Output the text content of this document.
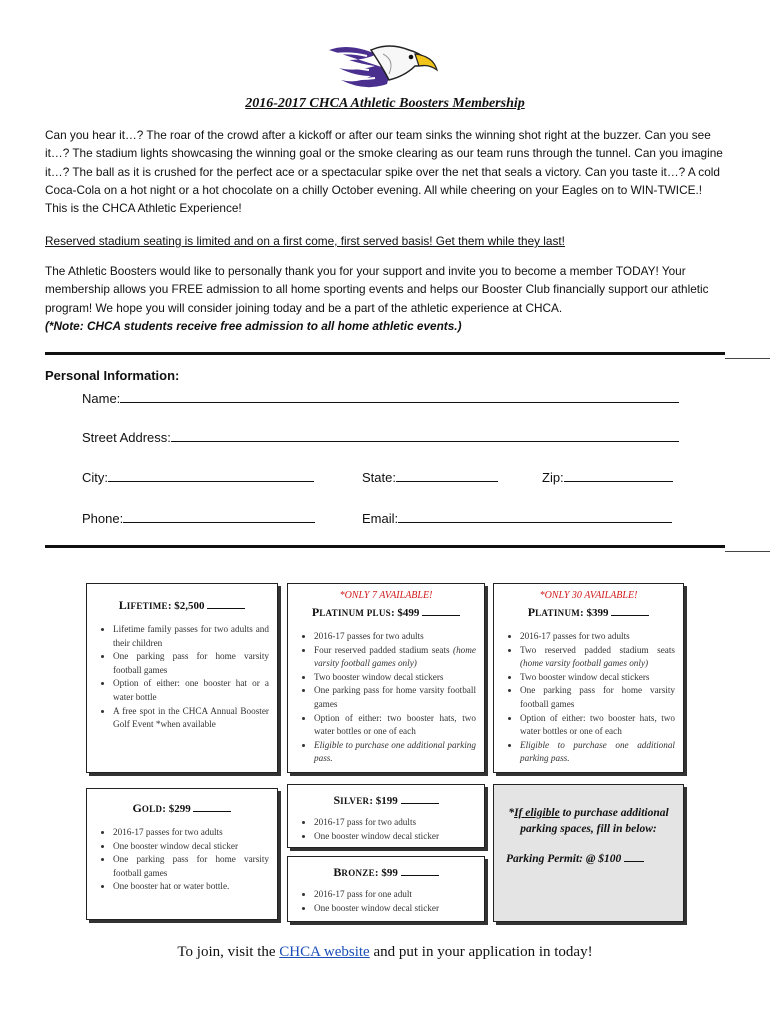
2016-2017 CHCA Athletic Boosters Membership
Can you hear it…? The roar of the crowd after a kickoff or after our team sinks the winning shot right at the buzzer. Can you see it…? The stadium lights showcasing the winning goal or the smoke clearing as our team runs through the tunnel. Can you imagine it…? The ball as it is crushed for the perfect ace or a spectacular spike over the net that seals a victory. Can you taste it…? A cold Coca-Cola on a hot night or a hot chocolate on a chilly October evening. All while cheering on your Eagles on to WIN-TWICE.! This is the CHCA Athletic Experience!
Reserved stadium seating is limited and on a first come, first served basis! Get them while they last!
The Athletic Boosters would like to personally thank you for your support and invite you to become a member TODAY! Your membership allows you FREE admission to all home sporting events and helps our Booster Club financially support our athletic program! We hope you will consider joining today and be a part of the athletic experience at CHCA.
(*Note: CHCA students receive free admission to all home athletic events.)
Personal Information:
Name:
Street Address:
City:	State:	Zip:
Phone:	Email:
LIFETIME: $2,500
• Lifetime family passes for two adults and their children
• One parking pass for home varsity football games
• Option of either: one booster hat or a water bottle
• A free spot in the CHCA Annual Booster Golf Event *when available
*ONLY 7 AVAILABLE!
PLATINUM PLUS: $499
• 2016-17 passes for two adults
• Four reserved padded stadium seats (home varsity football games only)
• Two booster window decal stickers
• One parking pass for home varsity football games
• Option of either: two booster hats, two water bottles or one of each
• Eligible to purchase one additional parking pass.
*ONLY 30 AVAILABLE!
PLATINUM: $399
• 2016-17 passes for two adults
• Two reserved padded stadium seats (home varsity football games only)
• Two booster window decal stickers
• One parking pass for home varsity football games
• Option of either: two booster hats, two water bottles or one of each
• Eligible to purchase one additional parking pass.
GOLD: $299
• 2016-17 passes for two adults
• One booster window decal sticker
• One parking pass for home varsity football games
• One booster hat or water bottle.
SILVER: $199
• 2016-17 pass for two adults
• One booster window decal sticker
BRONZE: $99
• 2016-17 pass for one adult
• One booster window decal sticker
*If eligible to purchase additional
parking spaces, fill in below:
Parking Permit: @ $100
To join, visit the CHCA website and put in your application in today!
